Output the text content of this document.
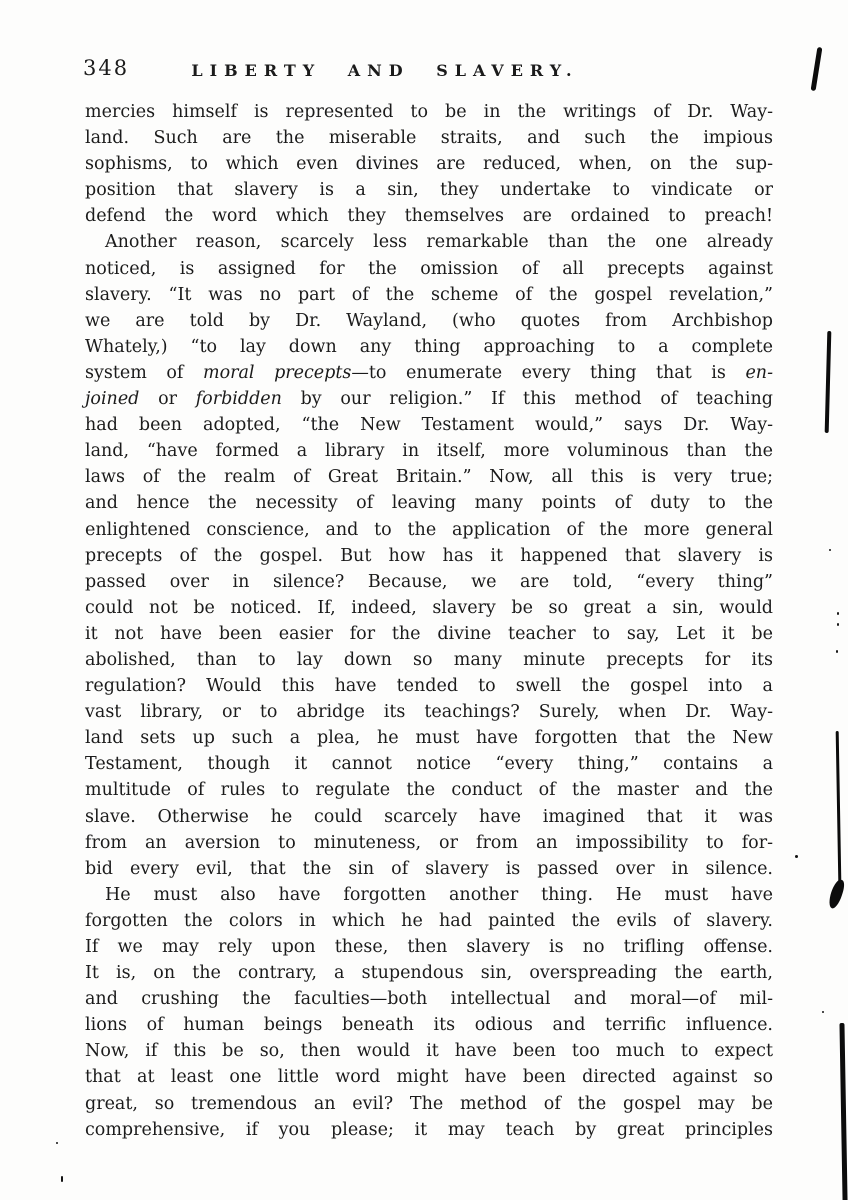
348	LIBERTY AND SLAVERY.
mercies himself is represented to be in the writings of Dr. Way-
land. Such are the miserable straits, and such the impious
sophisms, to which even divines are reduced, when, on the sup-
position that slavery is a sin, they undertake to vindicate or
defend the word which they themselves are ordained to preach!
Another reason, scarcely less remarkable than the one already
noticed, is assigned for the omission of all precepts against
slavery. “It was no part of the scheme of the gospel revelation,”
we are told by Dr. Wayland, (who quotes from Archbishop
Whately,) “to lay down any thing approaching to a complete
system of moral precepts—to enumerate every thing that is en-
joined or forbidden by our religion.” If this method of teaching
had been adopted, “the New Testament would,” says Dr. Way-
land, “have formed a library in itself, more voluminous than the
laws of the realm of Great Britain.” Now, all this is very true;
and hence the necessity of leaving many points of duty to the
enlightened conscience, and to the application of the more general
precepts of the gospel. But how has it happened that slavery is
passed over in silence? Because, we are told, “every thing”
could not be noticed. If, indeed, slavery be so great a sin, would
it not have been easier for the divine teacher to say, Let it be
abolished, than to lay down so many minute precepts for its
regulation? Would this have tended to swell the gospel into a
vast library, or to abridge its teachings? Surely, when Dr. Way-
land sets up such a plea, he must have forgotten that the New
Testament, though it cannot notice “every thing,” contains a
multitude of rules to regulate the conduct of the master and the
slave. Otherwise he could scarcely have imagined that it was
from an aversion to minuteness, or from an impossibility to for-
bid every evil, that the sin of slavery is passed over in silence.
He must also have forgotten another thing. He must have
forgotten the colors in which he had painted the evils of slavery.
If we may rely upon these, then slavery is no trifling offense.
It is, on the contrary, a stupendous sin, overspreading the earth,
and crushing the faculties—both intellectual and moral—of mil-
lions of human beings beneath its odious and terrific influence.
Now, if this be so, then would it have been too much to expect
that at least one little word might have been directed against so
great, so tremendous an evil? The method of the gospel may be
comprehensive, if you please; it may teach by great principles
